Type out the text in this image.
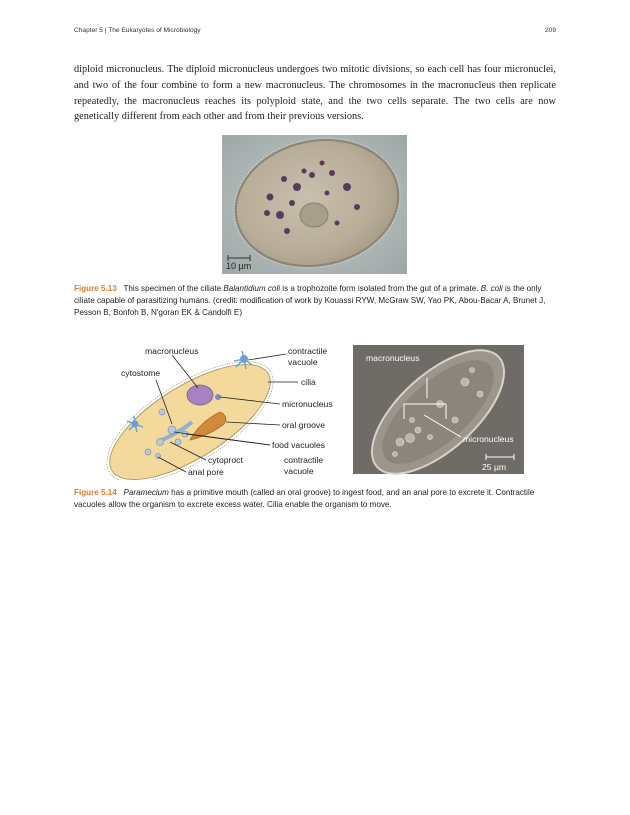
Chapter 5 | The Eukaryotes of Microbiology	209

diploid micronucleus. The diploid micronucleus undergoes two mitotic divisions, so each cell has four micronuclei, and two of the four combine to form a new macronucleus. The chromosomes in the macronucleus then replicate repeatedly, the macronucleus reaches its polyploid state, and the two cells separate. The two cells are now genetically different from each other and from their previous versions.

10 µm

Figure 5.13 This specimen of the ciliate Balantidium coli is a trophozoite form isolated from the gut of a primate. B. coli is the only ciliate capable of parasitizing humans. (credit: modification of work by Kouassi RYW, McGraw SW, Yao PK, Abou-Bacar A, Brunet J, Pesson B, Bonfoh B, N'goran EK & Candolfi E)

macronucleus
cytostome
contractile
vacuole
cilia
micronucleus
oral groove
food vacuoles
cytoproct	contractile
vacuole
anal pore
macronucleus
micronucleus
25 µm

Figure 5.14 Paramecium has a primitive mouth (called an oral groove) to ingest food, and an anal pore to excrete it. Contractile vacuoles allow the organism to excrete excess water. Cilia enable the organism to move.
